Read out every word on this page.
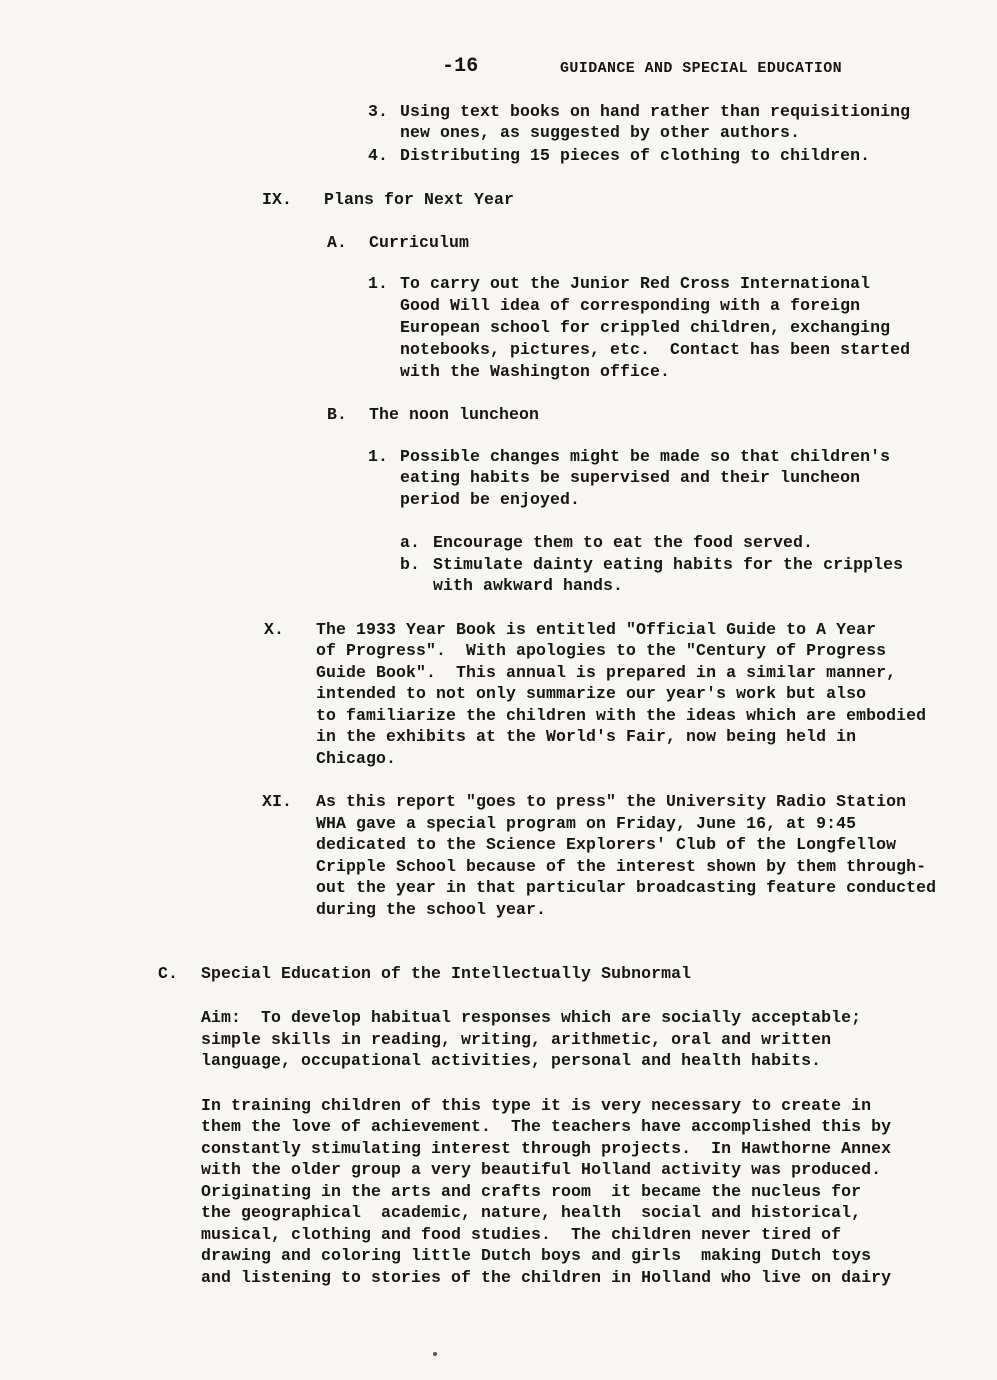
-16	GUIDANCE AND SPECIAL EDUCATION
3. Using text books on hand rather than requisitioning
new ones, as suggested by other authors.
4. Distributing 15 pieces of clothing to children.
IX. Plans for Next Year
A. Curriculum
1. To carry out the Junior Red Cross International
Good Will idea of corresponding with a foreign
European school for crippled children, exchanging
notebooks, pictures, etc.  Contact has been started
with the Washington office.
B. The noon luncheon
1. Possible changes might be made so that children's
eating habits be supervised and their luncheon
period be enjoyed.
a. Encourage them to eat the food served.
b. Stimulate dainty eating habits for the cripples
with awkward hands.
X. The 1933 Year Book is entitled "Official Guide to A Year
of Progress".  With apologies to the "Century of Progress
Guide Book".  This annual is prepared in a similar manner,
intended to not only summarize our year's work but also
to familiarize the children with the ideas which are embodied
in the exhibits at the World's Fair, now being held in
Chicago.
XI. As this report "goes to press" the University Radio Station
WHA gave a special program on Friday, June 16, at 9:45
dedicated to the Science Explorers' Club of the Longfellow
Cripple School because of the interest shown by them through-
out the year in that particular broadcasting feature conducted
during the school year.
C. Special Education of the Intellectually Subnormal
Aim:  To develop habitual responses which are socially acceptable;
simple skills in reading, writing, arithmetic, oral and written
language, occupational activities, personal and health habits.
In training children of this type it is very necessary to create in
them the love of achievement.  The teachers have accomplished this by
constantly stimulating interest through projects.  In Hawthorne Annex
with the older group a very beautiful Holland activity was produced.
Originating in the arts and crafts room  it became the nucleus for
the geographical  academic, nature, health  social and historical,
musical, clothing and food studies.  The children never tired of
drawing and coloring little Dutch boys and girls  making Dutch toys
and listening to stories of the children in Holland who live on dairy
